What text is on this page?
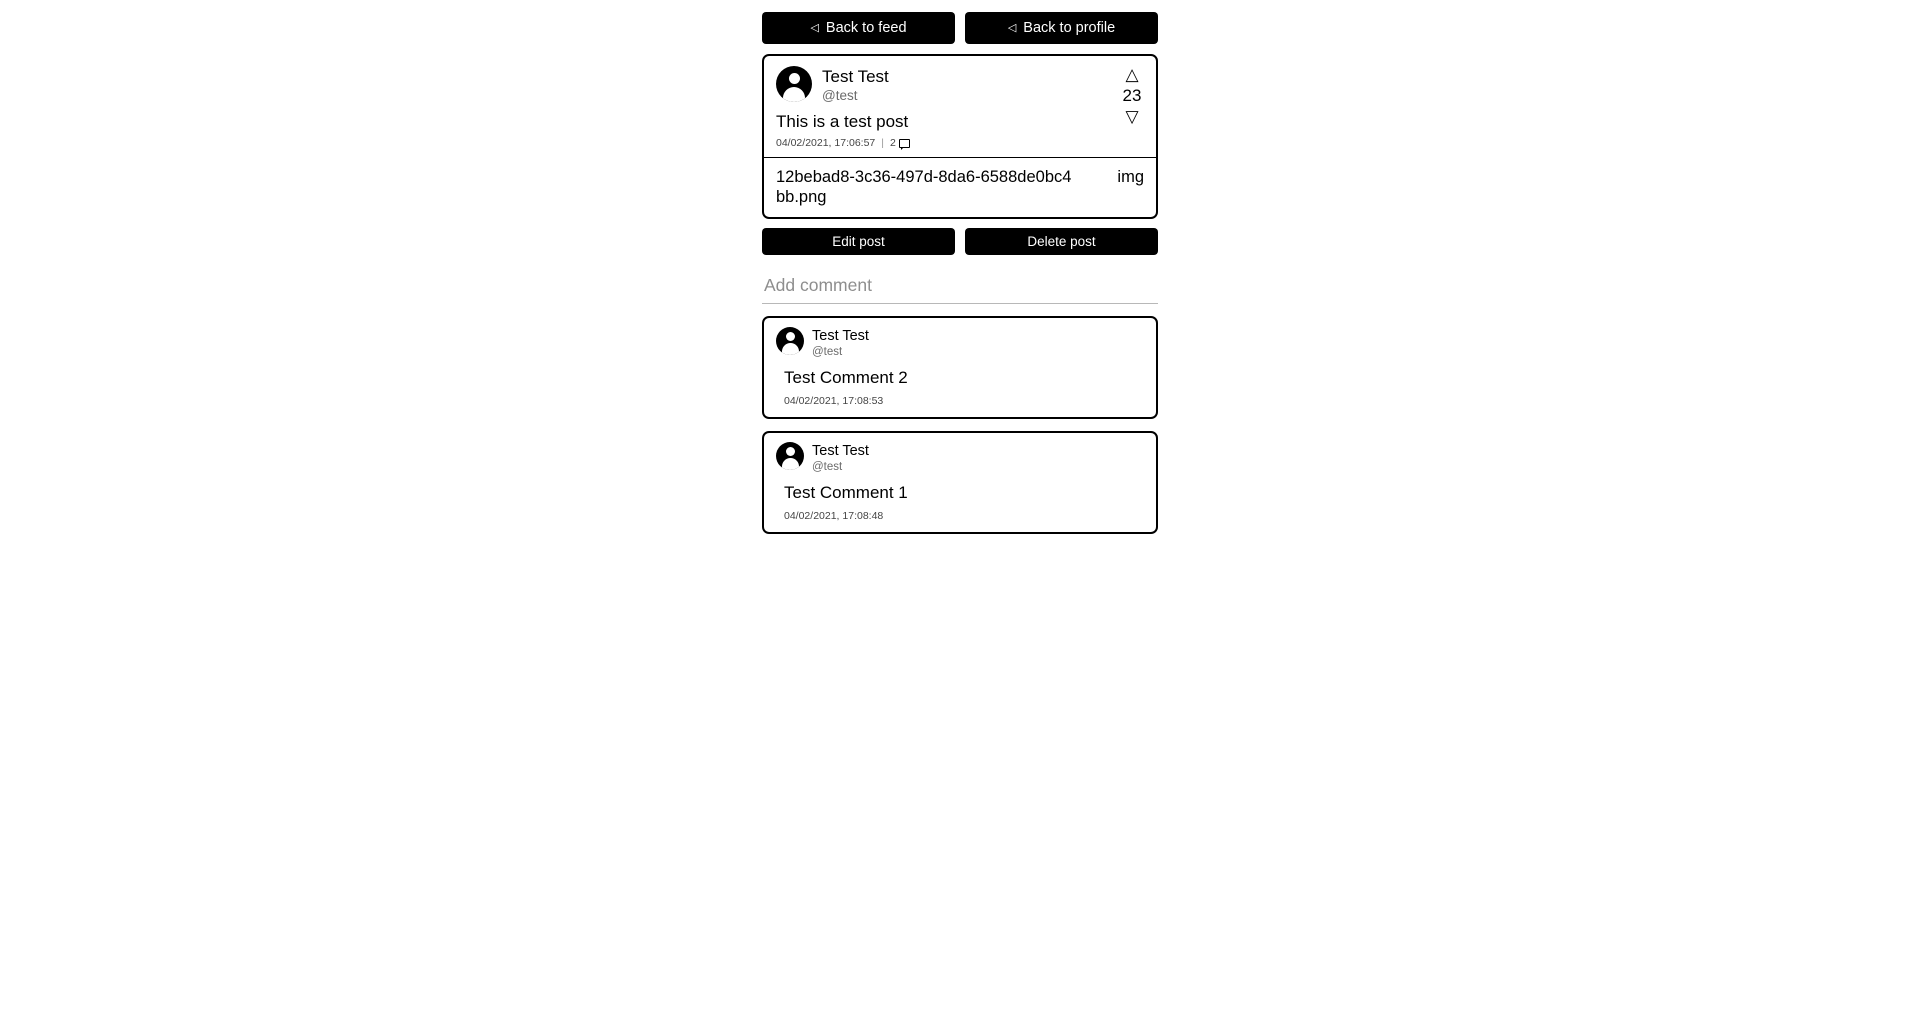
◁ Back to feed	◁ Back to profile
Test Test
@test
This is a test post
04/02/2021, 17:06:57 | 2
△
23
▽
12bebad8-3c36-497d-8da6-6588de0bc4bb.png
img
Edit post	Delete post
Add comment
Test Test
@test
Test Comment 2
04/02/2021, 17:08:53
Test Test
@test
Test Comment 1
04/02/2021, 17:08:48
